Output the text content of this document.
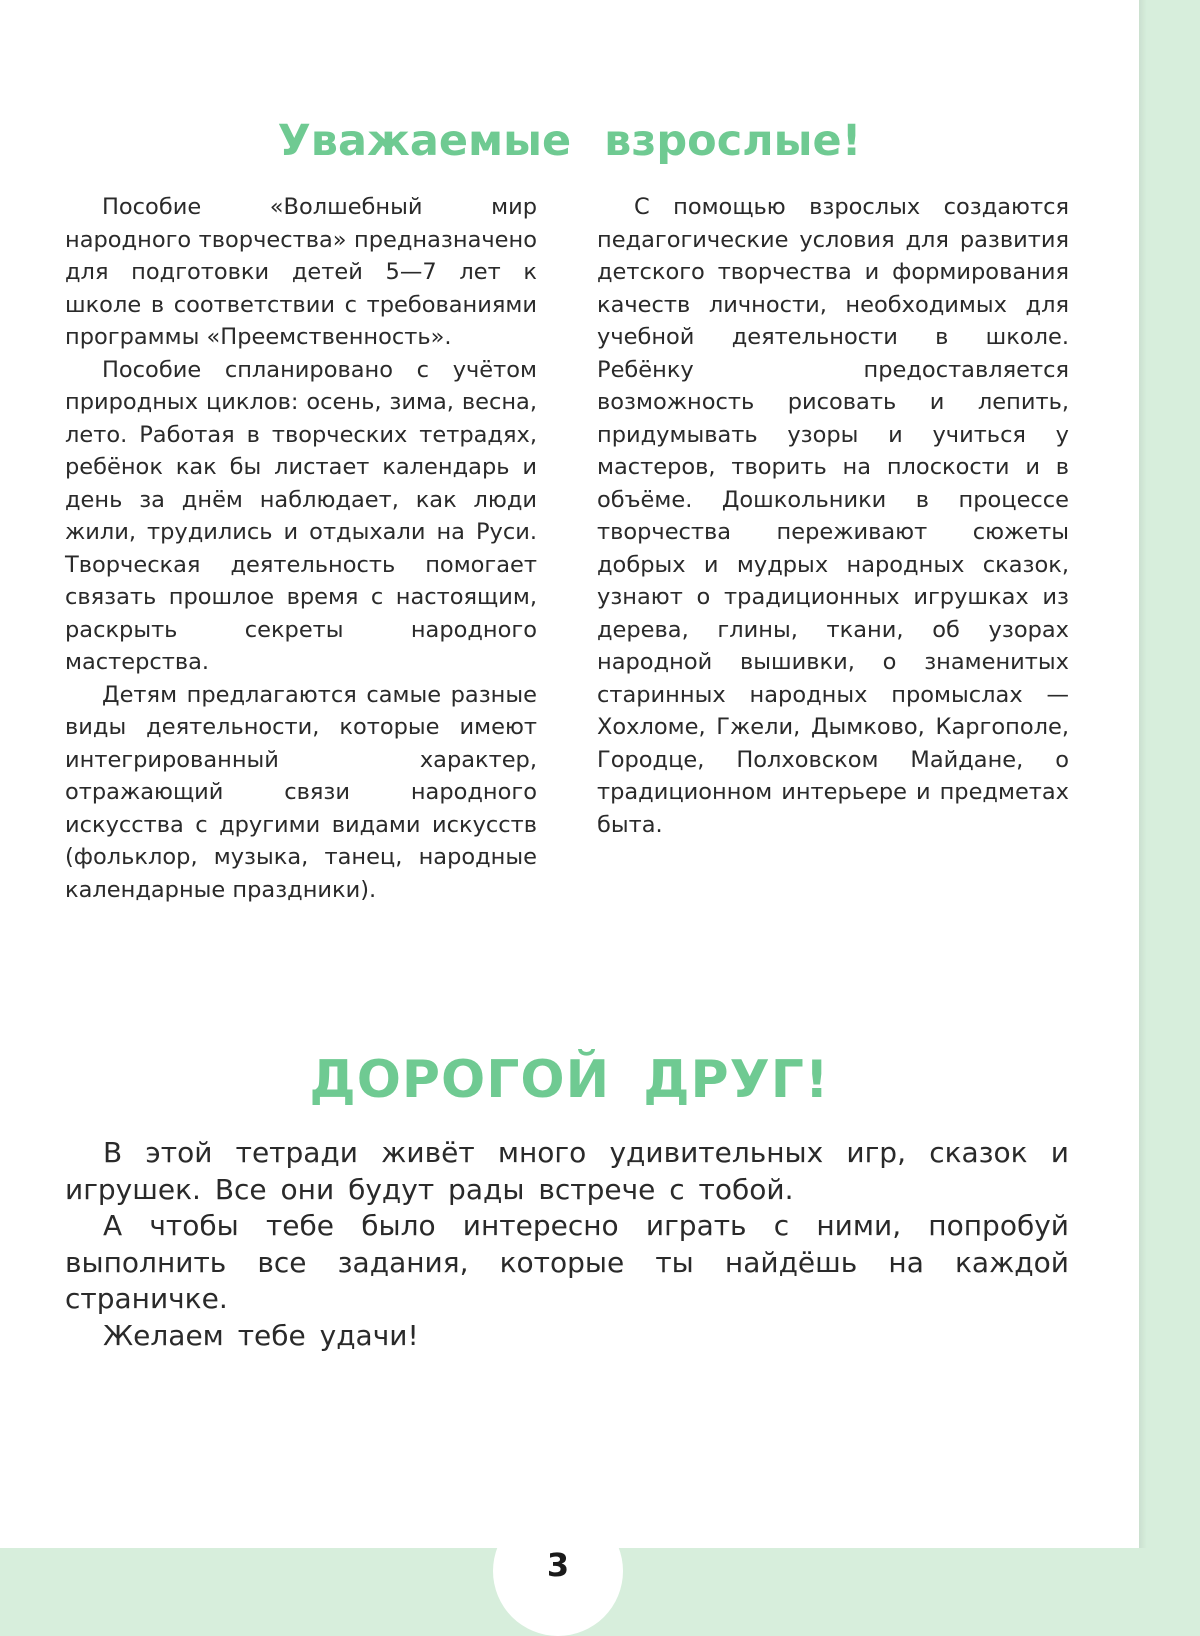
Уважаемые взрослые!

Пособие «Волшебный мир народного творчества» предназначено для подготовки детей 5—7 лет к школе в соответствии с требованиями программы «Преемственность».

Пособие спланировано с учётом природных циклов: осень, зима, весна, лето. Работая в творческих тетрадях, ребёнок как бы листает календарь и день за днём наблюдает, как люди жили, трудились и отдыхали на Руси. Творческая деятельность помогает связать прошлое время с настоящим, раскрыть секреты народного мастерства.

Детям предлагаются самые разные виды деятельности, которые имеют интегрированный характер, отражающий связи народного искусства с другими видами искусств (фольклор, музыка, танец, народные календарные праздники).

С помощью взрослых создаются педагогические условия для развития детского творчества и формирования качеств личности, необходимых для учебной деятельности в школе. Ребёнку предоставляется возможность рисовать и лепить, придумывать узоры и учиться у мастеров, творить на плоскости и в объёме. Дошкольники в процессе творчества переживают сюжеты добрых и мудрых народных сказок, узнают о традиционных игрушках из дерева, глины, ткани, об узорах народной вышивки, о знаменитых старинных народных промыслах — Хохломе, Гжели, Дымково, Каргополе, Городце, Полховском Майдане, о традиционном интерьере и предметах быта.

ДОРОГОЙ ДРУГ!

В этой тетради живёт много удивительных игр, сказок и игрушек. Все они будут рады встрече с тобой.

А чтобы тебе было интересно играть с ними, попробуй выполнить все задания, которые ты найдёшь на каждой страничке.

Желаем тебе удачи!

3
